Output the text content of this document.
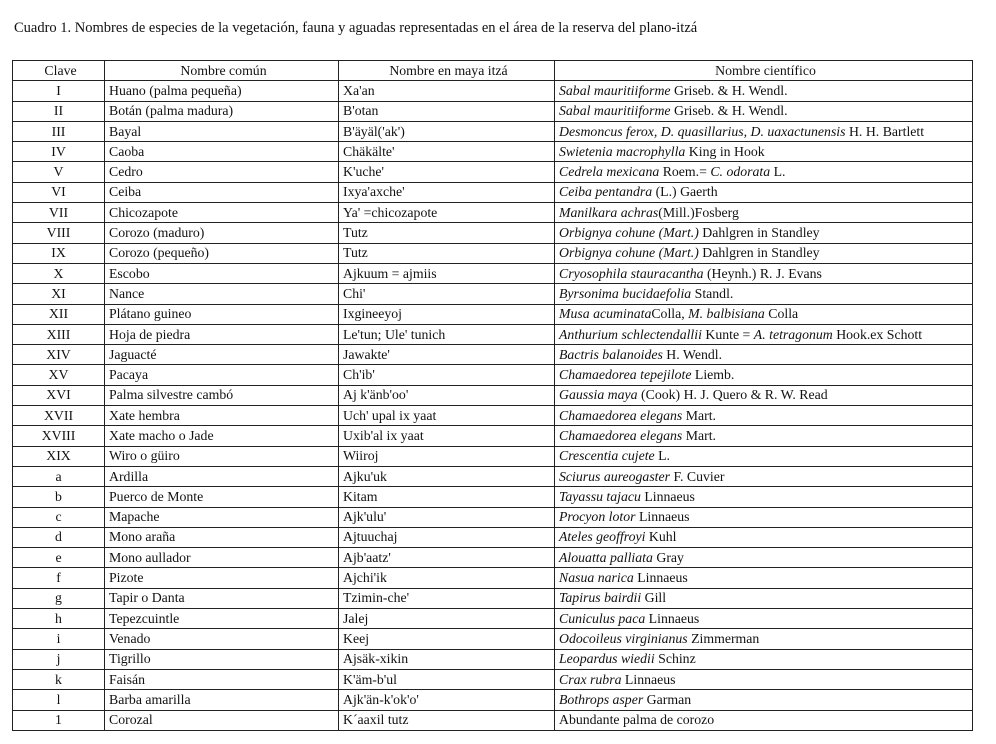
Cuadro 1. Nombres de especies de la vegetación, fauna y aguadas representadas en el área de la reserva del plano-itzá
Clave	Nombre común	Nombre en maya itzá	Nombre científico
I	Huano (palma pequeña)	Xa'an	Sabal mauritiiforme Griseb. & H. Wendl.
II	Botán (palma madura)	B'otan	Sabal mauritiiforme Griseb. & H. Wendl.
III	Bayal	B'äyäl('ak')	Desmoncus ferox, D. quasillarius, D. uaxactunensis H. H. Bartlett
IV	Caoba	Chäkälte'	Swietenia macrophylla King in Hook
V	Cedro	K'uche'	Cedrela mexicana Roem.= C. odorata L.
VI	Ceiba	Ixya'axche'	Ceiba pentandra (L.) Gaerth
VII	Chicozapote	Ya' =chicozapote	Manilkara achras(Mill.)Fosberg
VIII	Corozo (maduro)	Tutz	Orbignya cohune (Mart.) Dahlgren in Standley
IX	Corozo (pequeño)	Tutz	Orbignya cohune (Mart.) Dahlgren in Standley
X	Escobo	Ajkuum = ajmiis	Cryosophila stauracantha (Heynh.) R. J. Evans
XI	Nance	Chi'	Byrsonima bucidaefolia Standl.
XII	Plátano guineo	Ixgineeyoj	Musa acuminataColla, M. balbisiana Colla
XIII	Hoja de piedra	Le'tun; Ule' tunich	Anthurium schlectendallii Kunte = A. tetragonum Hook.ex Schott
XIV	Jaguacté	Jawakte'	Bactris balanoides H. Wendl.
XV	Pacaya	Ch'ib'	Chamaedorea tepejilote Liemb.
XVI	Palma silvestre cambó	Aj k'änb'oo'	Gaussia maya (Cook) H. J. Quero & R. W. Read
XVII	Xate hembra	Uch' upal ix yaat	Chamaedorea elegans Mart.
XVIII	Xate macho o Jade	Uxib'al ix yaat	Chamaedorea elegans Mart.
XIX	Wiro o güiro	Wiiroj	Crescentia cujete L.
a	Ardilla	Ajku'uk	Sciurus aureogaster F. Cuvier
b	Puerco de Monte	Kitam	Tayassu tajacu Linnaeus
c	Mapache	Ajk'ulu'	Procyon lotor Linnaeus
d	Mono araña	Ajtuuchaj	Ateles geoffroyi Kuhl
e	Mono aullador	Ajb'aatz'	Alouatta palliata Gray
f	Pizote	Ajchi'ik	Nasua narica Linnaeus
g	Tapir o Danta	Tzimin-che'	Tapirus bairdii Gill
h	Tepezcuintle	Jalej	Cuniculus paca Linnaeus
i	Venado	Keej	Odocoileus virginianus Zimmerman
j	Tigrillo	Ajsäk-xikin	Leopardus wiedii Schinz
k	Faisán	K'äm-b'ul	Crax rubra Linnaeus
l	Barba amarilla	Ajk'än-k'ok'o'	Bothrops asper Garman
1	Corozal	K´aaxil tutz	Abundante palma de corozo
